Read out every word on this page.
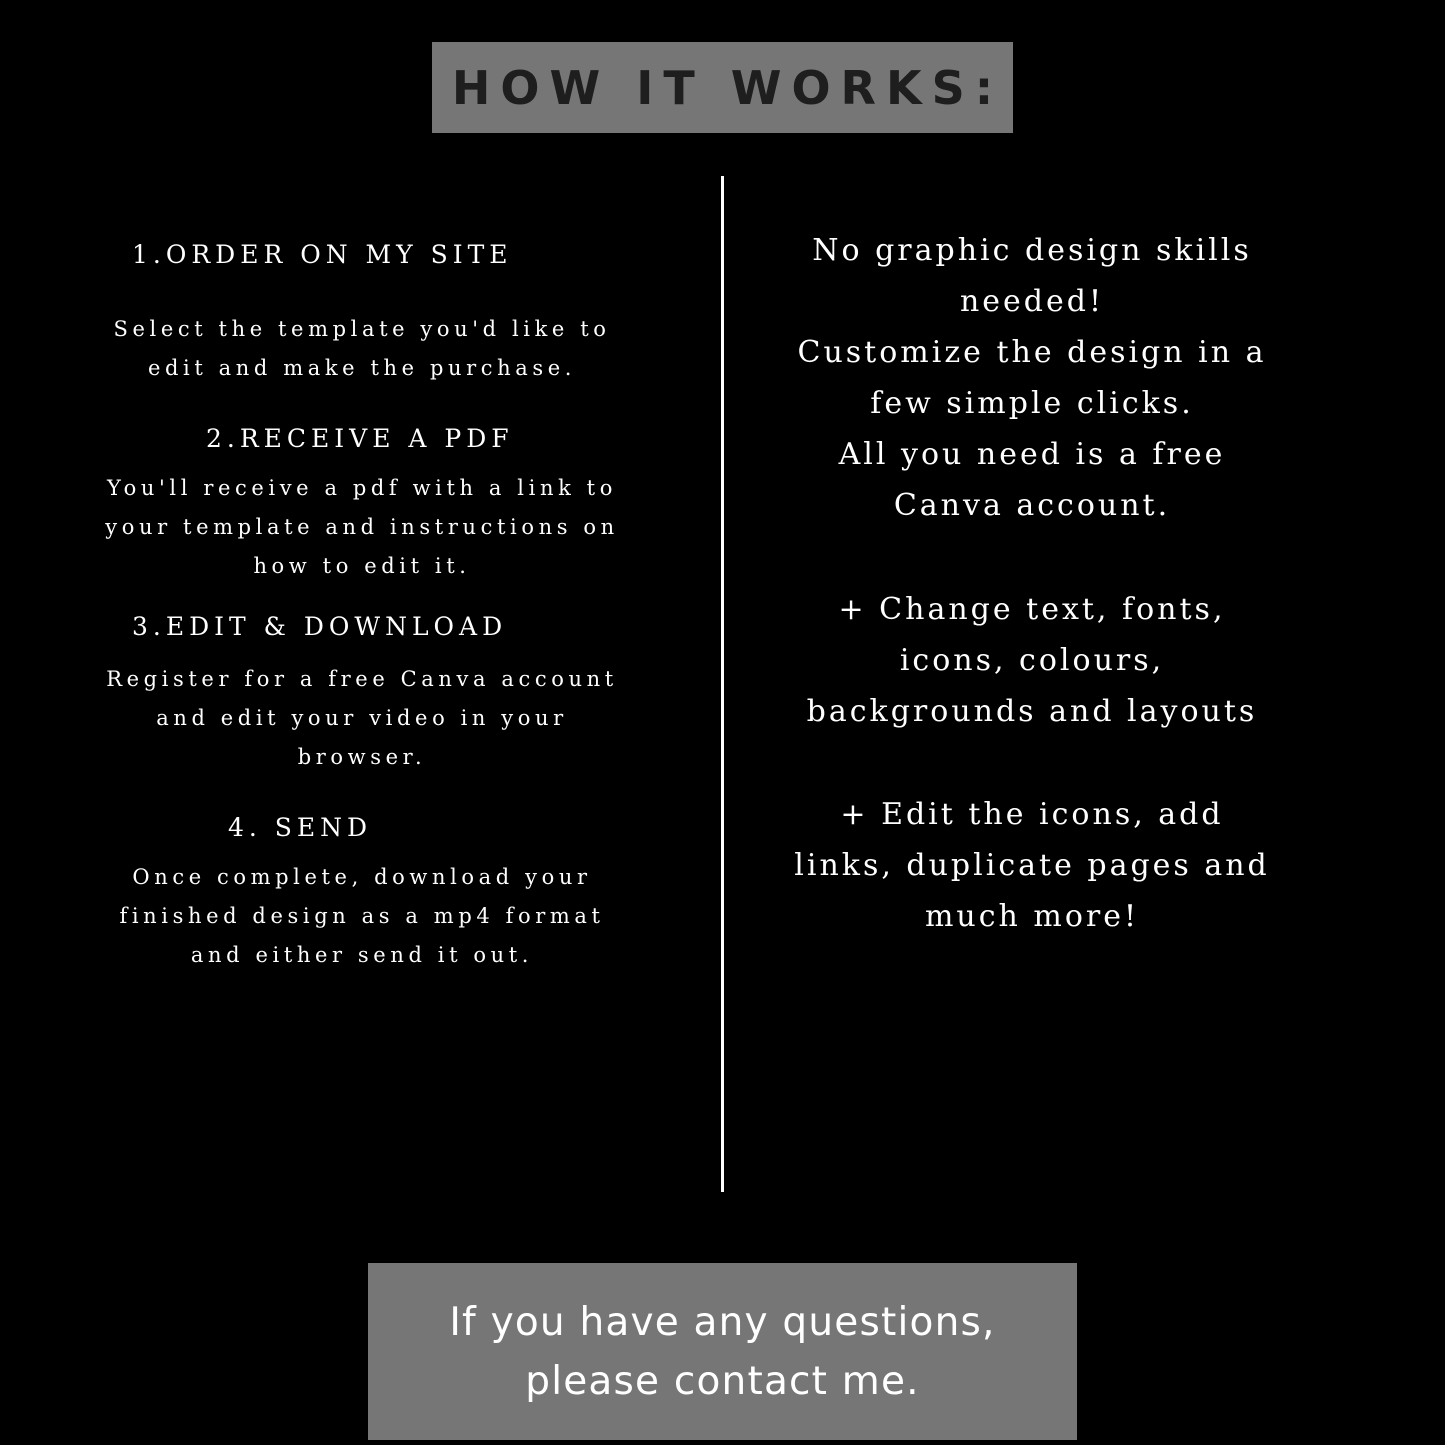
HOW IT WORKS:
1.ORDER ON MY SITE
Select the template you'd like to
edit and make the purchase.
2.RECEIVE A PDF
You'll receive a pdf with a link to
your template and instructions on
how to edit it.
3.EDIT & DOWNLOAD
Register for a free Canva account
and edit your video in your
browser.
4. SEND
Once complete, download your
finished design as a mp4 format
and either send it out.
No graphic design skills
needed!
Customize the design in a
few simple clicks.
All you need is a free
Canva account.
+ Change text, fonts,
icons, colours,
backgrounds and layouts
+ Edit the icons, add
links, duplicate pages and
much more!
If you have any questions,
please contact me.
